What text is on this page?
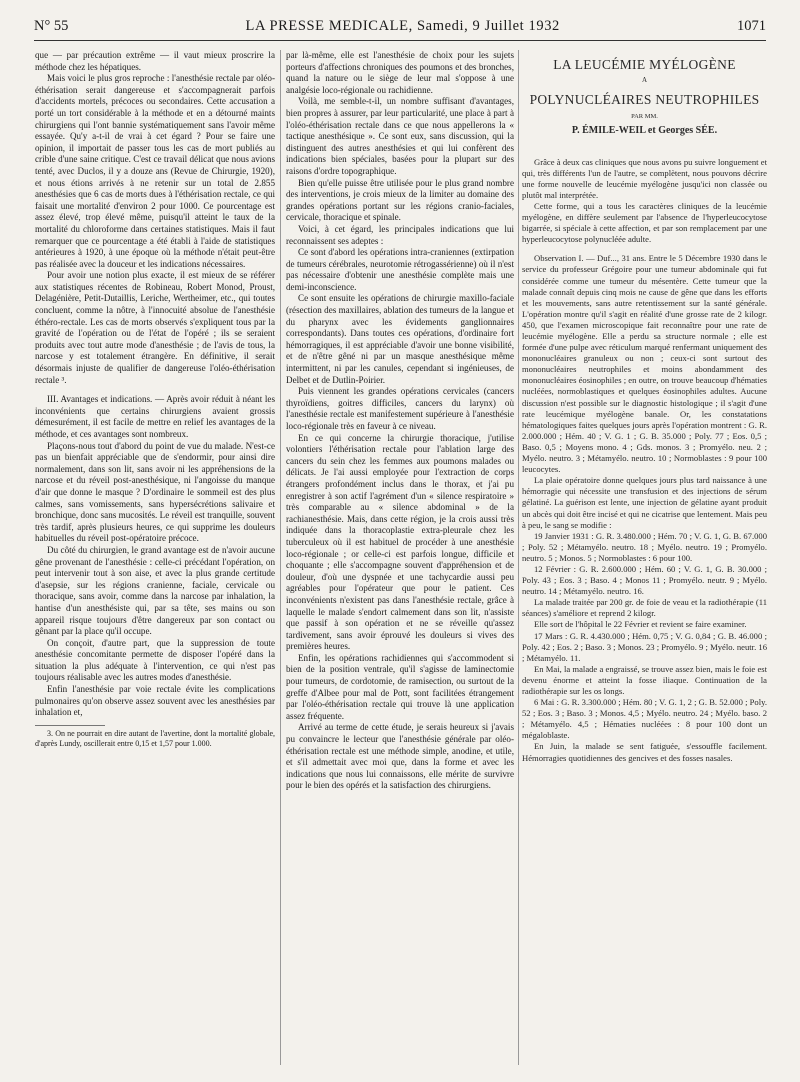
N° 55	LA PRESSE MEDICALE, Samedi, 9 Juillet 1932	1071

que — par précaution extrême — il vaut mieux proscrire la méthode chez les hépatiques.

Mais voici le plus gros reproche : l'anesthésie rectale par oléo-éthérisation serait dangereuse et s'accompagnerait parfois d'accidents mortels, précoces ou secondaires. Cette accusation a porté un tort considérable à la méthode et en a détourné maints chirurgiens qui l'ont bannie systématiquement sans l'avoir même essayée. Qu'y a-t-il de vrai à cet égard ? Pour se faire une opinion, il importait de passer tous les cas de mort publiés au crible d'une saine critique. C'est ce travail délicat que nous avions tenté, avec Duclos, il y a douze ans (Revue de Chirurgie, 1920), et nous étions arrivés à ne retenir sur un total de 2.855 anesthésies que 6 cas de morts dues à l'éthérisation rectale, ce qui faisait une mortalité d'environ 2 pour 1000. Ce pourcentage est assez élevé, trop élevé même, puisqu'il atteint le taux de la mortalité du chloroforme dans certaines statistiques. Mais il faut remarquer que ce pourcentage a été établi à l'aide de statistiques antérieures à 1920, à une époque où la méthode n'était peut-être pas réalisée avec la douceur et les indications nécessaires.

Pour avoir une notion plus exacte, il est mieux de se référer aux statistiques récentes de Robineau, Robert Monod, Proust, Delagénière, Petit-Dutaillis, Leriche, Wertheimer, etc., qui toutes concluent, comme la nôtre, à l'innocuité absolue de l'anesthésie éthéro-rectale. Les cas de morts observés s'expliquent tous par la gravité de l'opération ou de l'état de l'opéré ; ils se seraient produits avec tout autre mode d'anesthésie ; de l'avis de tous, la narcose y est totalement étrangère. En définitive, il serait désormais injuste de qualifier de dangereuse l'oléo-éthérisation rectale ³.

III. Avantages et indications. — Après avoir réduit à néant les inconvénients que certains chirurgiens avaient grossis démesurément, il est facile de mettre en relief les avantages de la méthode, et ces avantages sont nombreux.

Plaçons-nous tout d'abord du point de vue du malade. N'est-ce pas un bienfait appréciable que de s'endormir, pour ainsi dire normalement, dans son lit, sans avoir ni les appréhensions de la narcose et du réveil post-anesthésique, ni l'angoisse du manque d'air que donne le masque ? D'ordinaire le sommeil est des plus calmes, sans vomissements, sans hypersécrétions salivaire et bronchique, donc sans mucosités. Le réveil est tranquille, souvent très tardif, après plusieurs heures, ce qui supprime les douleurs habituelles du réveil post-opératoire précoce.

Du côté du chirurgien, le grand avantage est de n'avoir aucune gêne provenant de l'anesthésie : celle-ci précédant l'opération, on peut intervenir tout à son aise, et avec la plus grande certitude d'asepsie, sur les régions cranienne, faciale, cervicale ou thoracique, sans avoir, comme dans la narcose par inhalation, la hantise d'un anesthésiste qui, par sa tête, ses mains ou son appareil risque toujours d'être dangereux par son contact ou gênant par la place qu'il occupe.

On conçoit, d'autre part, que la suppression de toute anesthésie concomitante permette de disposer l'opéré dans la situation la plus adéquate à l'intervention, ce qui n'est pas toujours réalisable avec les autres modes d'anesthésie.

Enfin l'anesthésie par voie rectale évite les complications pulmonaires qu'on observe assez souvent avec les anesthésies par inhalation et,

3. On ne pourrait en dire autant de l'avertine, dont la mortalité globale, d'après Lundy, oscillerait entre 0,15 et 1,57 pour 1.000.

par là-même, elle est l'anesthésie de choix pour les sujets porteurs d'affections chroniques des poumons et des bronches, quand la nature ou le siège de leur mal s'oppose à une analgésie loco-régionale ou rachidienne.

Voilà, me semble-t-il, un nombre suffisant d'avantages, bien propres à assurer, par leur particularité, une place à part à l'oléo-éthérisation rectale dans ce que nous appellerons la « tactique anesthésique ». Ce sont eux, sans discussion, qui la distinguent des autres anesthésies et qui lui confèrent des indications bien spéciales, basées pour la plupart sur des raisons d'ordre topographique.

Bien qu'elle puisse être utilisée pour le plus grand nombre des interventions, je crois mieux de la limiter au domaine des grandes opérations portant sur les régions cranio-faciales, cervicale, thoracique et spinale.

Voici, à cet égard, les principales indications que lui reconnaissent ses adeptes :

Ce sont d'abord les opérations intra-craniennes (extirpation de tumeurs cérébrales, neurotomie rétrogassérienne) où il n'est pas nécessaire d'obtenir une anesthésie complète mais une demi-inconscience.

Ce sont ensuite les opérations de chirurgie maxillo-faciale (résection des maxillaires, ablation des tumeurs de la langue et du pharynx avec les évidements ganglionnaires correspondants). Dans toutes ces opérations, d'ordinaire fort hémorragiques, il est appréciable d'avoir une bonne visibilité, et de n'être gêné ni par un masque anesthésique même intermittent, ni par les canules, cependant si ingénieuses, de Delbet et de Dutlin-Poirier.

Puis viennent les grandes opérations cervicales (cancers thyroïdiens, goitres difficiles, cancers du larynx) où l'anesthésie rectale est manifestement supérieure à l'anesthésie loco-régionale très en faveur à ce niveau.

En ce qui concerne la chirurgie thoracique, j'utilise volontiers l'éthérisation rectale pour l'ablation large des cancers du sein chez les femmes aux poumons malades ou délicats. Je l'ai aussi employée pour l'extraction de corps étrangers profondément inclus dans le thorax, et j'ai pu enregistrer à son actif l'agrément d'un « silence respiratoire » très comparable au « silence abdominal » de la rachianesthésie. Mais, dans cette région, je la crois aussi très indiquée dans la thoracoplastie extra-pleurale chez les tuberculeux où il est habituel de procéder à une anesthésie loco-régionale ; or celle-ci est parfois longue, difficile et choquante ; elle s'accompagne souvent d'appréhension et de douleur, d'où une dyspnée et une tachycardie aussi peu agréables pour l'opérateur que pour le patient. Ces inconvénients n'existent pas dans l'anesthésie rectale, grâce à laquelle le malade s'endort calmement dans son lit, n'assiste que passif à son opération et ne se réveille qu'assez tardivement, sans avoir éprouvé les douleurs si vives des premières heures.

Enfin, les opérations rachidiennes qui s'accommodent si bien de la position ventrale, qu'il s'agisse de laminectomie pour tumeurs, de cordotomie, de ramisection, ou surtout de la greffe d'Albee pour mal de Pott, sont facilitées étrangement par l'oléo-éthérisation rectale qui trouve là une application assez fréquente.

Arrivé au terme de cette étude, je serais heureux si j'avais pu convaincre le lecteur que l'anesthésie générale par oléo-éthérisation rectale est une méthode simple, anodine, et utile, et s'il admettait avec moi que, dans la forme et avec les indications que nous lui connaissons, elle mérite de survivre pour le bien des opérés et la satisfaction des chirurgiens.

LA LEUCÉMIE MYÉLOGÈNE
A
POLYNUCLÉAIRES NEUTROPHILES
PAR MM.
P. ÉMILE-WEIL et Georges SÉE.

Grâce à deux cas cliniques que nous avons pu suivre longuement et qui, très différents l'un de l'autre, se complètent, nous pouvons décrire une forme nouvelle de leucémie myélogène jusqu'ici non classée ou plutôt mal interprétée.

Cette forme, qui a tous les caractères cliniques de la leucémie myélogène, en diffère seulement par l'absence de l'hyperleucocytose bigarrée, si spéciale à cette affection, et par son remplacement par une hyperleucocytose polynucléée adulte.

Observation I. — Duf..., 31 ans. Entre le 5 Décembre 1930 dans le service du professeur Grégoire pour une tumeur abdominale qui fut considérée comme une tumeur du mésentère. Cette tumeur que la malade connaît depuis cinq mois ne cause de gêne que dans les efforts et les mouvements, sans autre retentissement sur la santé générale. L'opération montre qu'il s'agit en réalité d'une grosse rate de 2 kilogr. 450, que l'examen microscopique fait reconnaître pour une rate de leucémie myélogène. Elle a perdu sa structure normale ; elle est formée d'une pulpe avec réticulum marqué renfermant uniquement des mononucléaires granuleux ou non ; ceux-ci sont surtout des mononucléaires neutrophiles et moins abondamment des mononucléaires éosinophiles ; en outre, on trouve beaucoup d'hématies nucléées, normoblastiques et quelques éosinophiles adultes. Aucune discussion n'est possible sur le diagnostic histologique ; il s'agit d'une rate leucémique myélogène banale. Or, les constatations hématologiques faites quelques jours après l'opération montrent : G. R. 2.000.000 ; Hém. 40 ; V. G. 1 ; G. B. 35.000 ; Poly. 77 ; Eos. 0,5 ; Baso. 0,5 ; Moyens mono. 4 ; Gds. monos. 3 ; Promyélo. neu. 2 ; Myélo. neutro. 3 ; Métamyélo. neutro. 10 ; Normoblastes : 9 pour 100 leucocytes.

La plaie opératoire donne quelques jours plus tard naissance à une hémorragie qui nécessite une transfusion et des injections de sérum gélatiné. La guérison est lente, une injection de gélatine ayant produit un abcès qui doit être incisé et qui ne cicatrise que lentement. Mais peu à peu, le sang se modifie :

19 Janvier 1931 : G. R. 3.480.000 ; Hém. 70 ; V. G. 1, G. B. 67.000 ; Poly. 52 ; Métamyélo. neutro. 18 ; Myélo. neutro. 19 ; Promyélo. neutro. 5 ; Monos. 5 ; Normoblastes : 6 pour 100.

12 Février : G. R. 2.600.000 ; Hém. 60 ; V. G. 1, G. B. 30.000 ; Poly. 43 ; Eos. 3 ; Baso. 4 ; Monos 11 ; Promyélo. neutr. 9 ; Myélo. neutro. 14 ; Métamyélo. neutro. 16.

La malade traitée par 200 gr. de foie de veau et la radiothérapie (11 séances) s'améliore et reprend 2 kilogr.

Elle sort de l'hôpital le 22 Février et revient se faire examiner.

17 Mars : G. R. 4.430.000 ; Hém. 0,75 ; V. G. 0,84 ; G. B. 46.000 ; Poly. 42 ; Eos. 2 ; Baso. 3 ; Monos. 23 ; Promyélo. 9 ; Myélo. neutr. 16 ; Métamyélo. 11.

En Mai, la malade a engraissé, se trouve assez bien, mais le foie est devenu énorme et atteint la fosse iliaque. Continuation de la radiothérapie sur les os longs.

6 Mai : G. R. 3.300.000 ; Hém. 80 ; V. G. 1, 2 ; G. B. 52.000 ; Poly. 52 ; Eos. 3 ; Baso. 3 ; Monos. 4,5 ; Myélo. neutro. 24 ; Myélo. baso. 2 ; Métamyélo. 4,5 ; Hématies nucléées : 8 pour 100 dont un mégaloblaste.

En Juin, la malade se sent fatiguée, s'essouffle facilement. Hémorragies quotidiennes des gencives et des fosses nasales.
